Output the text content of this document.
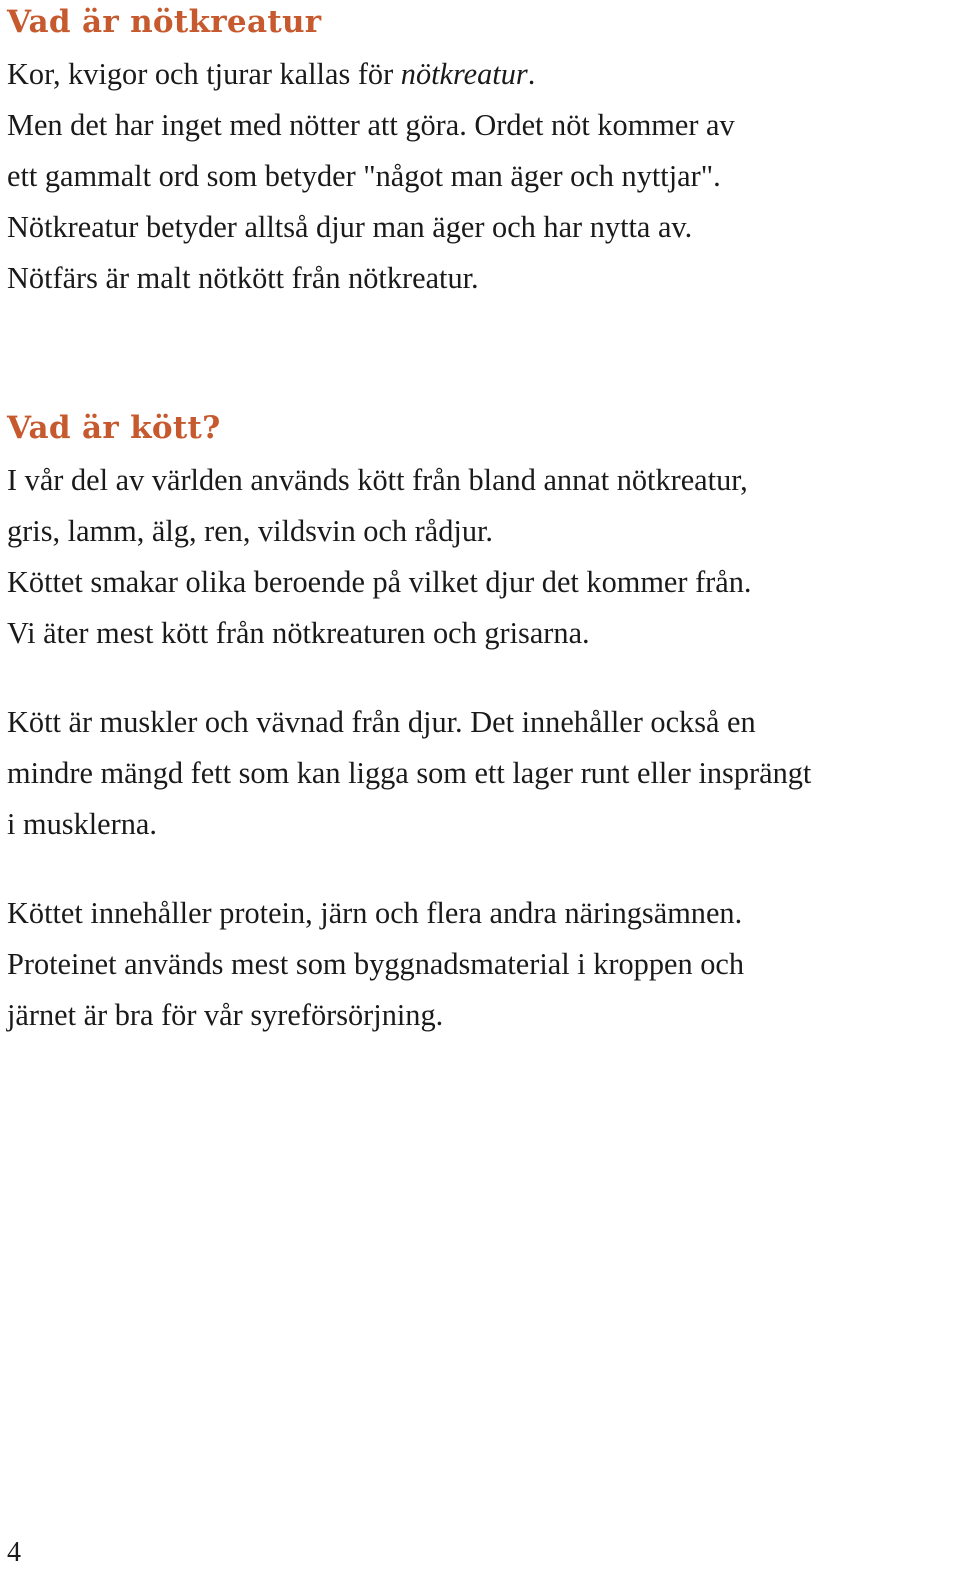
Vad är nötkreatur
Kor, kvigor och tjurar kallas för nötkreatur.
Men det har inget med nötter att göra. Ordet nöt kommer av
ett gammalt ord som betyder "något man äger och nyttjar".
Nötkreatur betyder alltså djur man äger och har nytta av.
Nötfärs är malt nötkött från nötkreatur.
Vad är kött?
I vår del av världen används kött från bland annat nötkreatur,
gris, lamm, älg, ren, vildsvin och rådjur.
Köttet smakar olika beroende på vilket djur det kommer från.
Vi äter mest kött från nötkreaturen och grisarna.
Kött är muskler och vävnad från djur. Det innehåller också en
mindre mängd fett som kan ligga som ett lager runt eller insprängt
i musklerna.
Köttet innehåller protein, järn och flera andra näringsämnen.
Proteinet används mest som byggnadsmaterial i kroppen och
järnet är bra för vår syreförsörjning.
4
